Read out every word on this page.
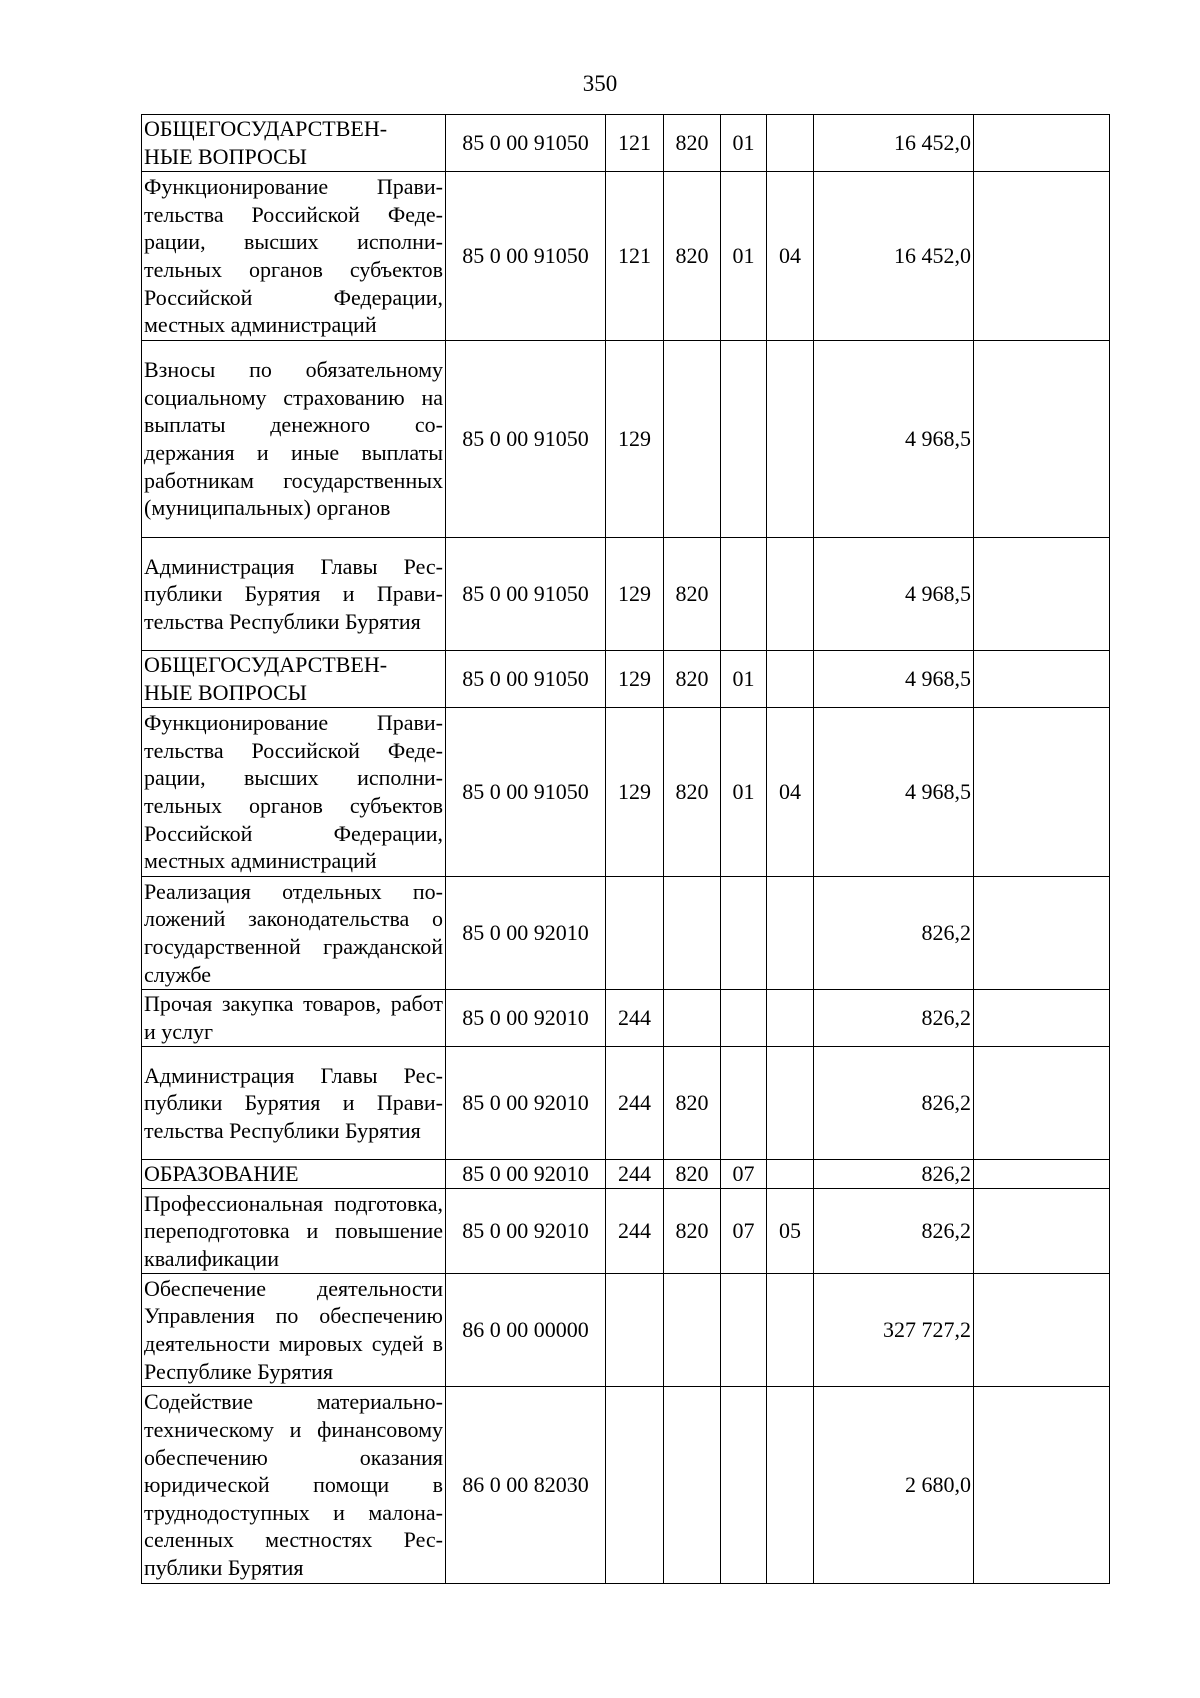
350
ОБЩЕГОСУДАРСТВЕН-
НЫЕ ВОПРОСЫ	85 0 00 91050	121	820	01		16 452,0	
Функционирование Правительства Российской Федерации, высших исполнительных органов субъектов Российской Федерации, местных администраций	85 0 00 91050	121	820	01	04	16 452,0	
Взносы по обязательному социальному страхованию на выплаты денежного содержания и иные выплаты работникам государственных (муниципальных) органов	85 0 00 91050	129				4 968,5	
Администрация Главы Республики Бурятия и Правительства Республики Бурятия	85 0 00 91050	129	820			4 968,5	
ОБЩЕГОСУДАРСТВЕН-
НЫЕ ВОПРОСЫ	85 0 00 91050	129	820	01		4 968,5	
Функционирование Правительства Российской Федерации, высших исполнительных органов субъектов Российской Федерации, местных администраций	85 0 00 91050	129	820	01	04	4 968,5	
Реализация отдельных положений законодательства о государственной гражданской службе	85 0 00 92010					826,2	
Прочая закупка товаров, работ и услуг	85 0 00 92010	244				826,2	
Администрация Главы Республики Бурятия и Правительства Республики Бурятия	85 0 00 92010	244	820			826,2	
ОБРАЗОВАНИЕ	85 0 00 92010	244	820	07		826,2	
Профессиональная подготовка, переподготовка и повышение квалификации	85 0 00 92010	244	820	07	05	826,2	
Обеспечение деятельности Управления по обеспечению деятельности мировых судей в Республике Бурятия	86 0 00 00000					327 727,2	
Содействие материально-техническому и финансовому обеспечению оказания юридической помощи в труднодоступных и малонаселенных местностях Республики Бурятия	86 0 00 82030					2 680,0	
